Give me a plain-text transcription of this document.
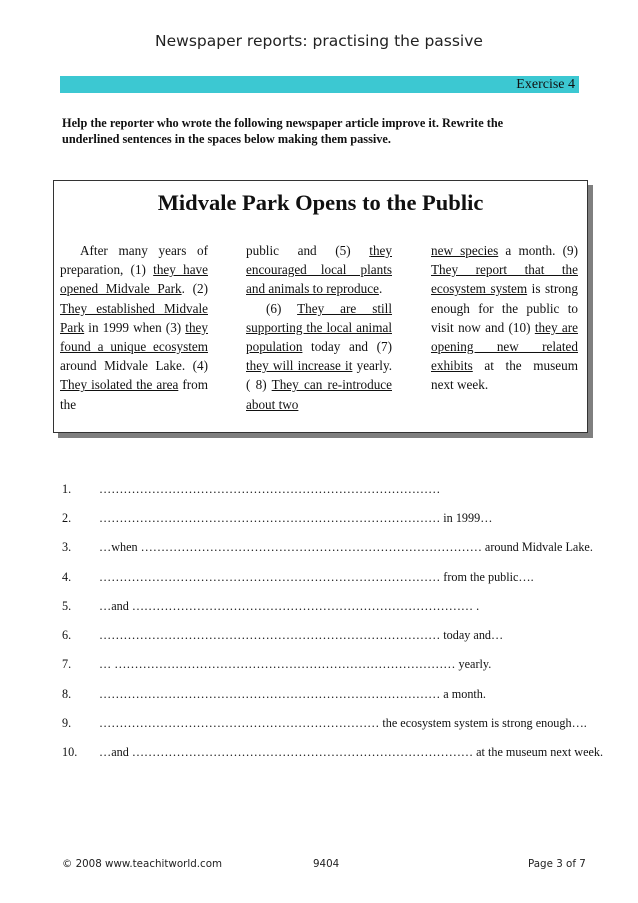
Newspaper reports: practising the passive
Exercise 4
Help the reporter who wrote the following newspaper article improve it. Rewrite the underlined sentences in the spaces below making them passive.
Midvale Park Opens to the Public

After many years of preparation, (1) they have opened Midvale Park. (2) They established Midvale Park in 1999 when (3) they found a unique ecosystem around Midvale Lake. (4) They isolated the area from the

public and (5) they encouraged local plants and animals to reproduce.
(6) They are still supporting the local animal population today and (7) they will increase it yearly. ( 8) They can re-introduce about two

new species a month. (9) They report that the ecosystem system is strong enough for the public to visit now and (10) they are opening new related exhibits at the museum next week.

1. …………………………………………………………………………
2. ………………………………………………………………………… in 1999…
3. …when ………………………………………………………………………… around Midvale Lake.
4. ………………………………………………………………………… from the public….
5. …and ………………………………………………………………………… .
6. ………………………………………………………………………… today and…
7. … ………………………………………………………………………… yearly.
8. ………………………………………………………………………… a month.
9. …………………………………………………………… the ecosystem system is strong enough….
10. …and ………………………………………………………………………… at the museum next week.
© 2008 www.teachitworld.com	9404	Page 3 of 7
